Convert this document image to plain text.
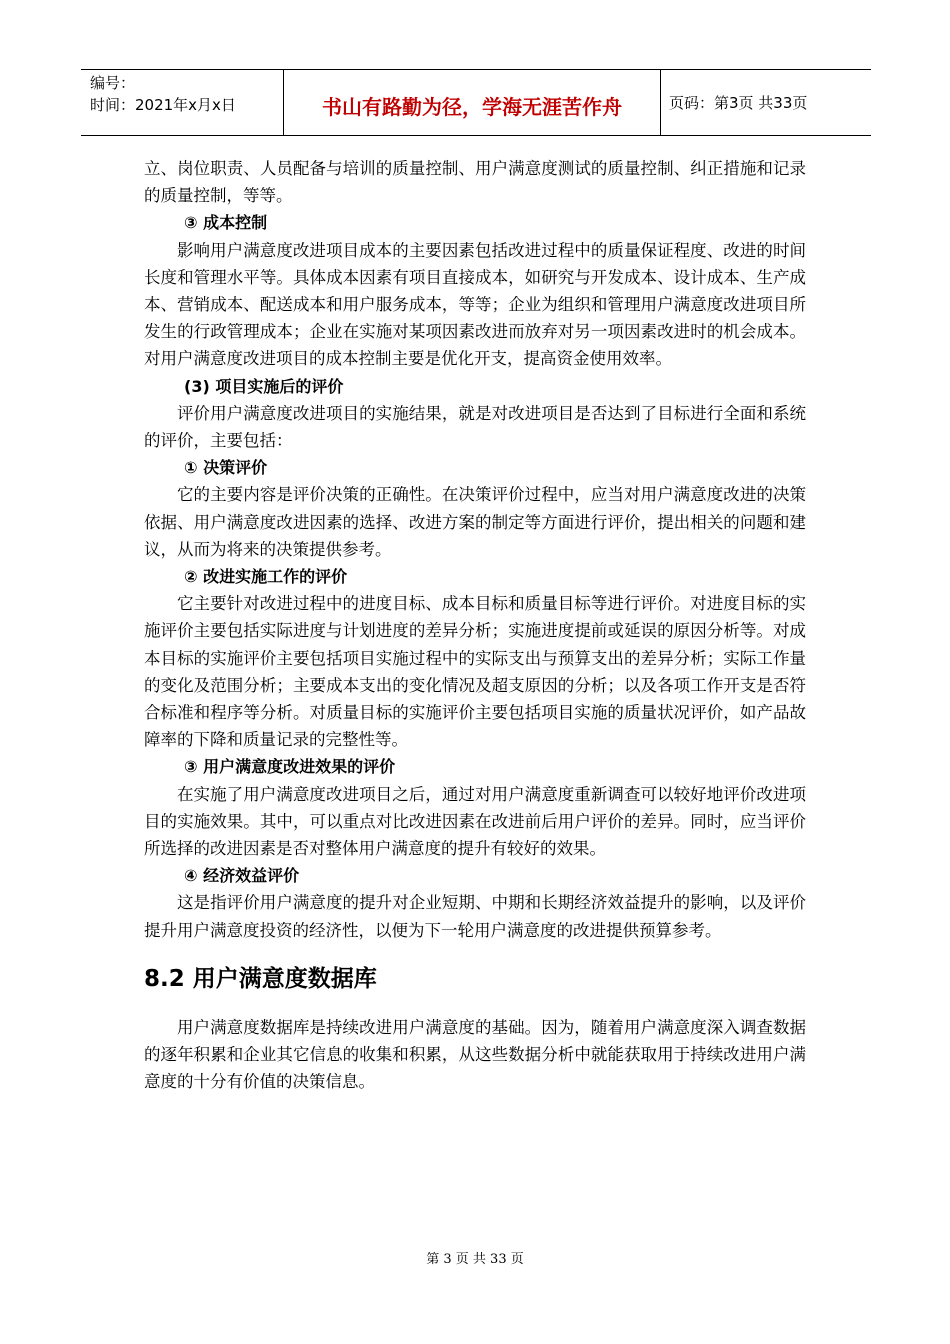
编号：
时间：2021年x月x日	书山有路勤为径，学海无涯苦作舟	页码：第3页 共33页

立、岗位职责、人员配备与培训的质量控制、用户满意度测试的质量控制、纠正措施和记录的质量控制，等等。

③ 成本控制

影响用户满意度改进项目成本的主要因素包括改进过程中的质量保证程度、改进的时间长度和管理水平等。具体成本因素有项目直接成本，如研究与开发成本、设计成本、生产成本、营销成本、配送成本和用户服务成本，等等；企业为组织和管理用户满意度改进项目所发生的行政管理成本；企业在实施对某项因素改进而放弃对另一项因素改进时的机会成本。对用户满意度改进项目的成本控制主要是优化开支，提高资金使用效率。

(3) 项目实施后的评价

评价用户满意度改进项目的实施结果，就是对改进项目是否达到了目标进行全面和系统的评价，主要包括：

① 决策评价

它的主要内容是评价决策的正确性。在决策评价过程中，应当对用户满意度改进的决策依据、用户满意度改进因素的选择、改进方案的制定等方面进行评价，提出相关的问题和建议，从而为将来的决策提供参考。

② 改进实施工作的评价

它主要针对改进过程中的进度目标、成本目标和质量目标等进行评价。对进度目标的实施评价主要包括实际进度与计划进度的差异分析；实施进度提前或延误的原因分析等。对成本目标的实施评价主要包括项目实施过程中的实际支出与预算支出的差异分析；实际工作量的变化及范围分析；主要成本支出的变化情况及超支原因的分析；以及各项工作开支是否符合标准和程序等分析。对质量目标的实施评价主要包括项目实施的质量状况评价，如产品故障率的下降和质量记录的完整性等。

③ 用户满意度改进效果的评价

在实施了用户满意度改进项目之后，通过对用户满意度重新调查可以较好地评价改进项目的实施效果。其中，可以重点对比改进因素在改进前后用户评价的差异。同时，应当评价所选择的改进因素是否对整体用户满意度的提升有较好的效果。

④ 经济效益评价

这是指评价用户满意度的提升对企业短期、中期和长期经济效益提升的影响，以及评价提升用户满意度投资的经济性，以便为下一轮用户满意度的改进提供预算参考。

8.2 用户满意度数据库

用户满意度数据库是持续改进用户满意度的基础。因为，随着用户满意度深入调查数据的逐年积累和企业其它信息的收集和积累，从这些数据分析中就能获取用于持续改进用户满意度的十分有价值的决策信息。

第 3 页 共 33 页
